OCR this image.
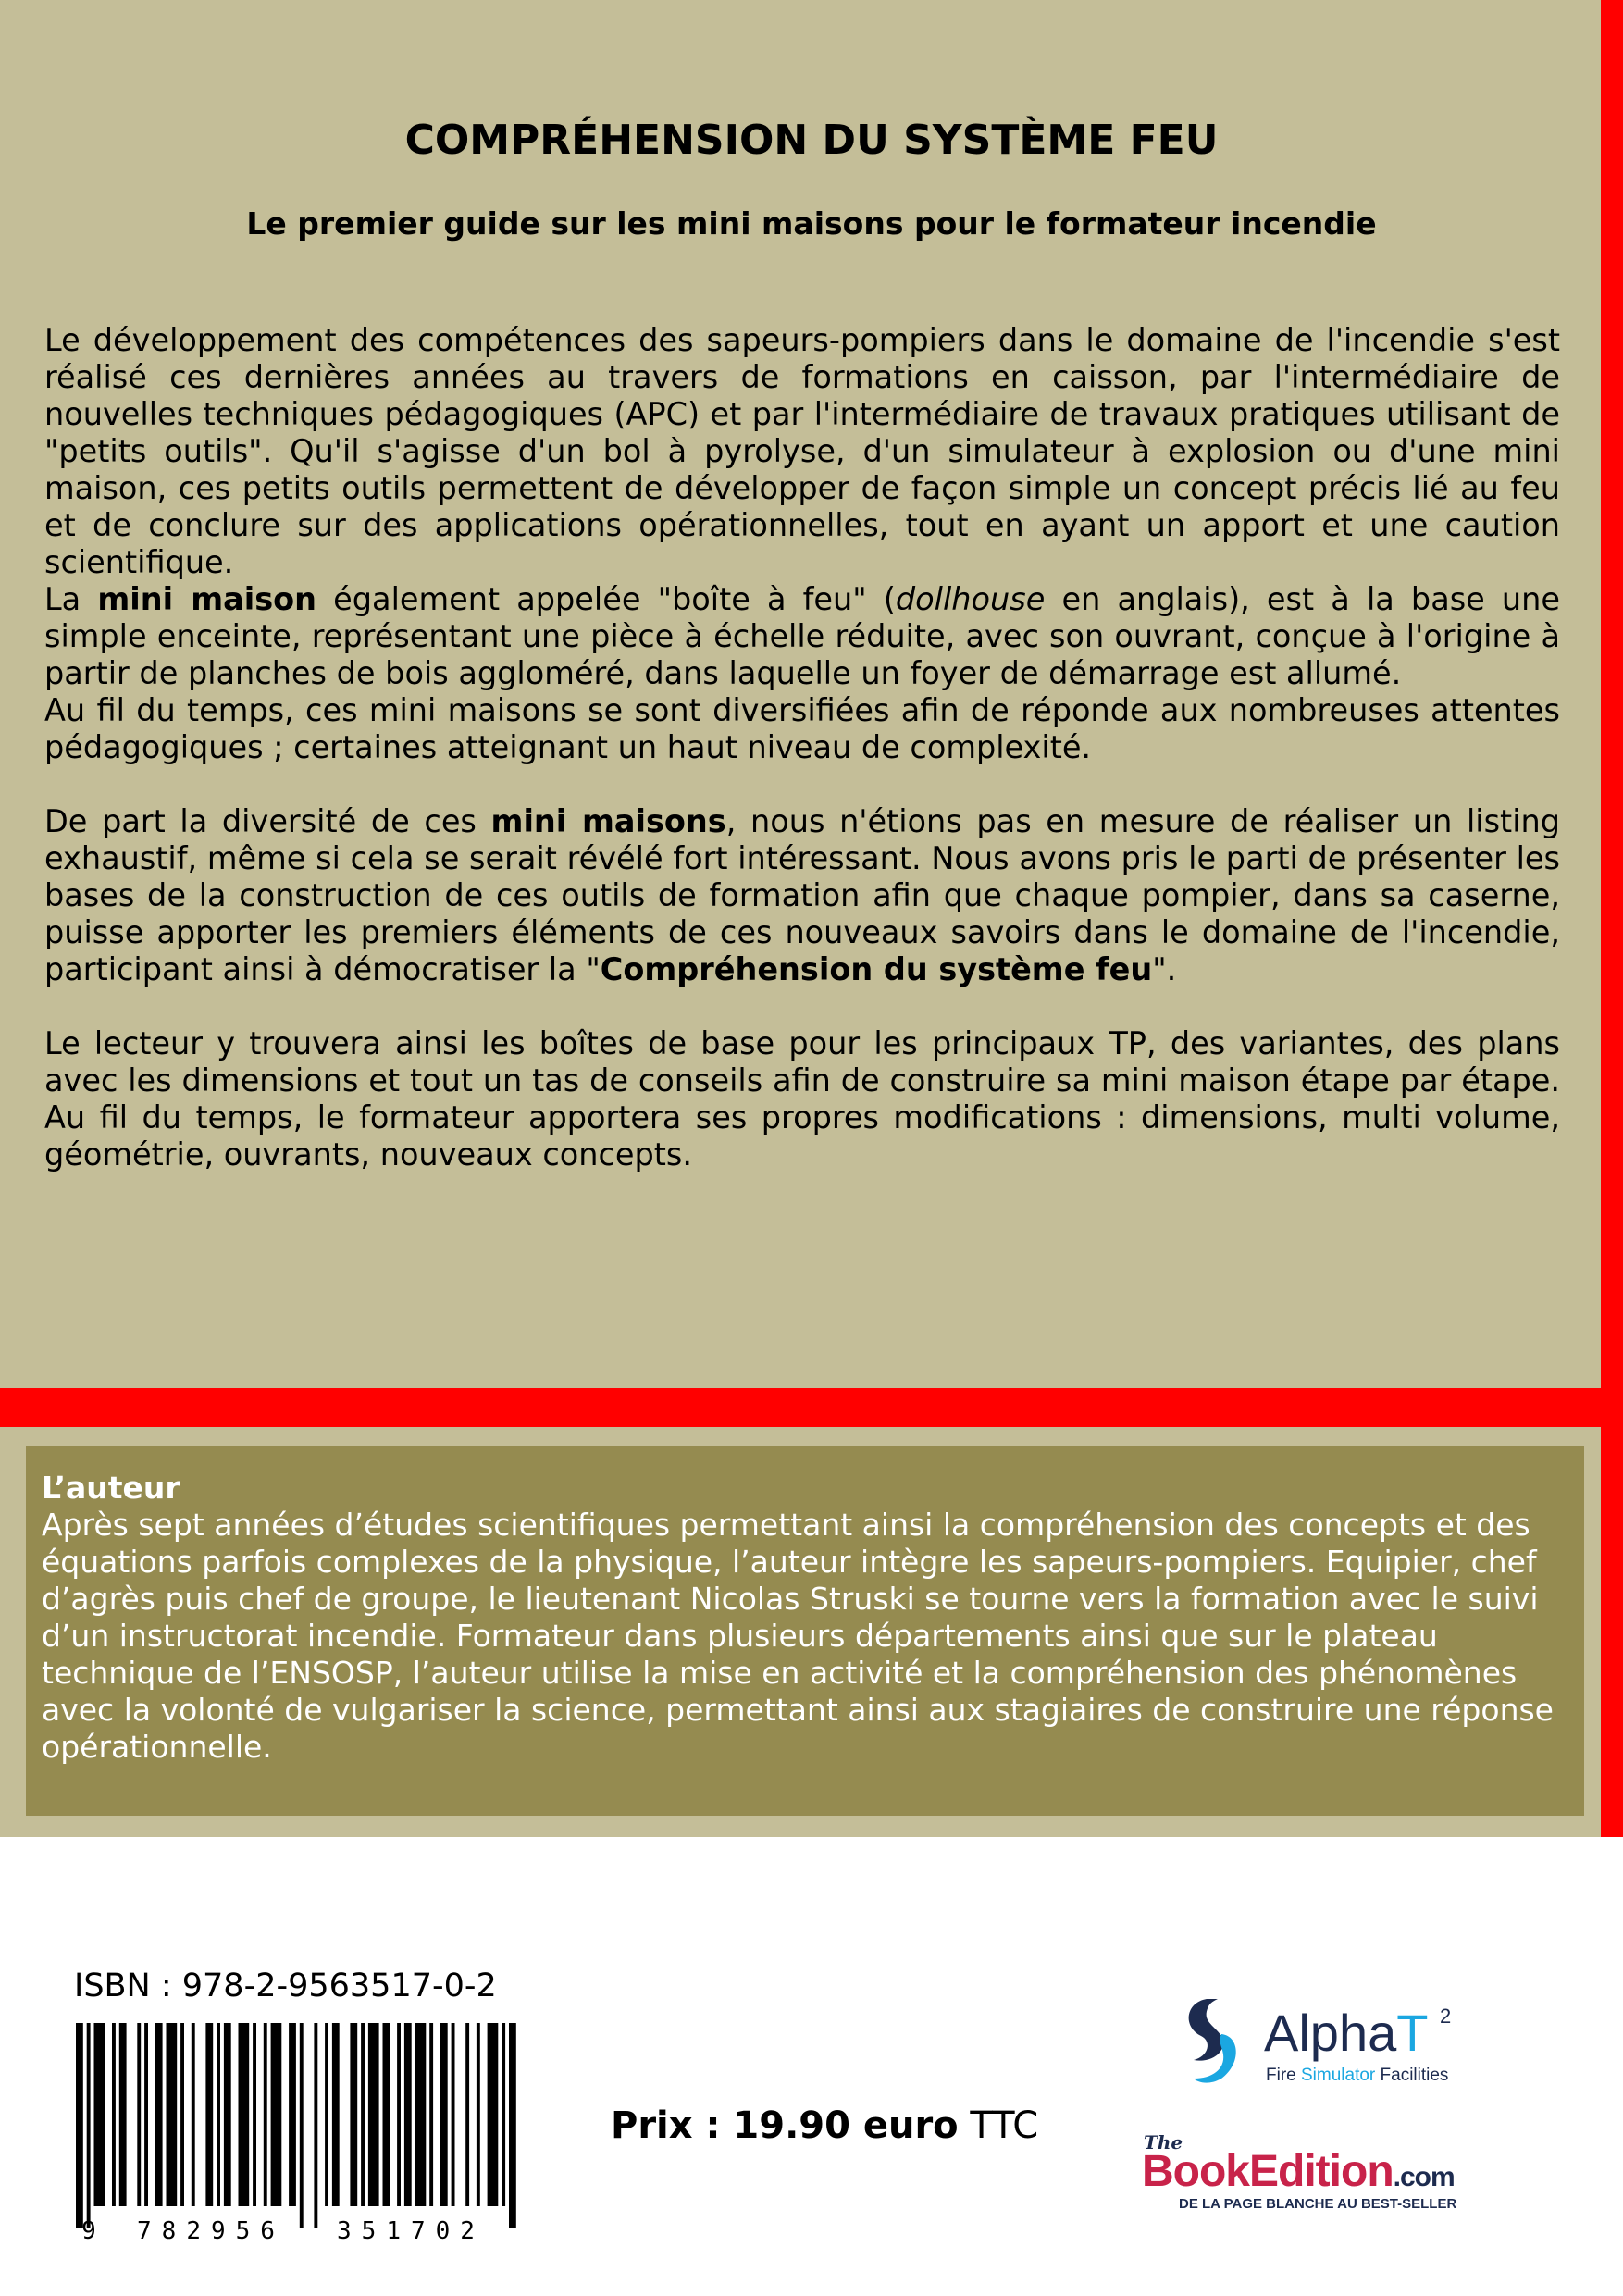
COMPRÉHENSION DU SYSTÈME FEU
Le premier guide sur les mini maisons pour le formateur incendie

Le développement des compétences des sapeurs-pompiers dans le domaine de l'incendie s'est réalisé ces dernières années au travers de formations en caisson, par l'intermédiaire de nouvelles techniques pédagogiques (APC) et par l'intermédiaire de travaux pratiques utilisant de "petits outils". Qu'il s'agisse d'un bol à pyrolyse, d'un simulateur à explosion ou d'une mini maison, ces petits outils permettent de développer de façon simple un concept précis lié au feu et de conclure sur des applications opérationnelles, tout en ayant un apport et une caution scientifique.

La mini maison également appelée "boîte à feu" (dollhouse en anglais), est à la base une simple enceinte, représentant une pièce à échelle réduite, avec son ouvrant, conçue à l'origine à partir de planches de bois aggloméré, dans laquelle un foyer de démarrage est allumé.

Au fil du temps, ces mini maisons se sont diversifiées afin de réponde aux nombreuses attentes pédagogiques ; certaines atteignant un haut niveau de complexité.

De part la diversité de ces mini maisons, nous n'étions pas en mesure de réaliser un listing exhaustif, même si cela se serait révélé fort intéressant. Nous avons pris le parti de présenter les bases de la construction de ces outils de formation afin que chaque pompier, dans sa caserne, puisse apporter les premiers éléments de ces nouveaux savoirs dans le domaine de l'incendie, participant ainsi à démocratiser la "Compréhension du système feu".

Le lecteur y trouvera ainsi les boîtes de base pour les principaux TP, des variantes, des plans avec les dimensions et tout un tas de conseils afin de construire sa mini maison étape par étape. Au fil du temps, le formateur apportera ses propres modifications : dimensions, multi volume, géométrie, ouvrants, nouveaux concepts.

L’auteur

Après sept années d’études scientifiques permettant ainsi la compréhension des concepts et des équations parfois complexes de la physique, l’auteur intègre les sapeurs-pompiers. Equipier, chef d’agrès puis chef de groupe, le lieutenant Nicolas Struski se tourne vers la formation avec le suivi d’un instructorat incendie. Formateur dans plusieurs départements ainsi que sur le plateau technique de l’ENSOSP, l’auteur utilise la mise en activité et la compréhension des phénomènes avec la volonté de vulgariser la science, permettant ainsi aux stagiaires de construire une réponse opérationnelle.

ISBN : 978-2-9563517-0-2
9 782956 351702
Prix : 19.90 euro TTC
AlphaT 2
Fire Simulator Facilities
The
BookEdition.com
DE LA PAGE BLANCHE AU BEST-SELLER
